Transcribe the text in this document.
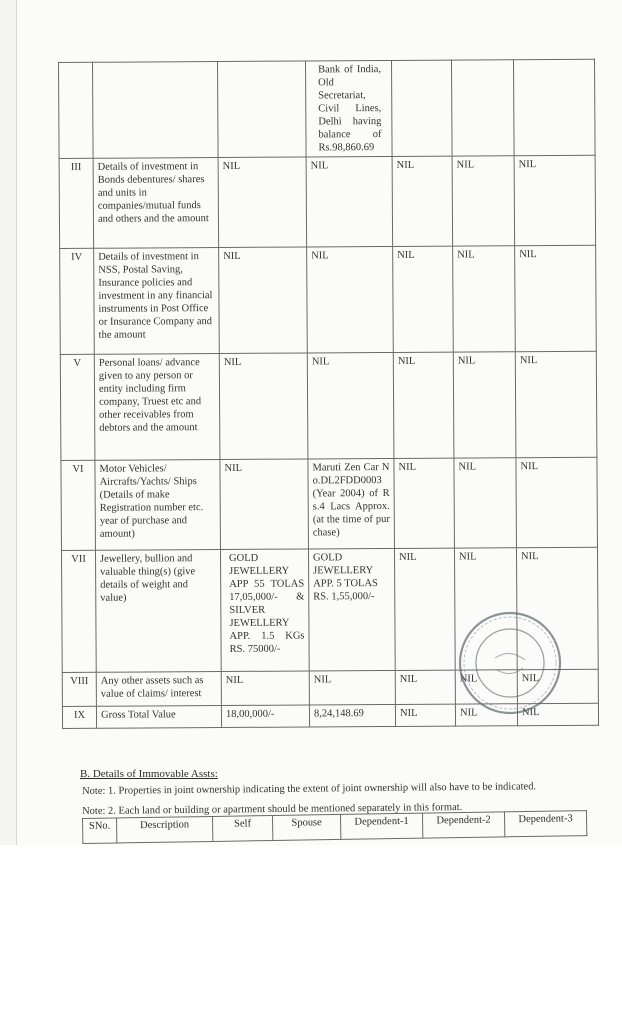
			Bank of India, Old Secretariat, Civil Lines, Delhi having balance of Rs.98,860.69			
III	Details of investment in Bonds debentures/ shares and units in companies/mutual funds and others and the amount	NIL	NIL	NIL	NIL	NIL
IV	Details of investment in NSS, Postal Saving, Insurance policies and investment in any financial instruments in Post Office or Insurance Company and the amount	NIL	NIL	NIL	NIL	NIL
V	Personal loans/ advance given to any person or entity including firm company, Truest etc and other receivables from debtors and the amount	NIL	NIL	NIL	NIL	NIL
VI	Motor Vehicles/ Aircrafts/Yachts/ Ships (Details of make Registration number etc. year of purchase and amount)	NIL	Maruti Zen Car No.DL2FDD0003 (Year 2004) of Rs.4 Lacs Approx. (at the time of purchase)	NIL	NIL	NIL
VII	Jewellery, bullion and valuable thing(s) (give details of weight and value)	GOLD JEWELLERY APP 55 TOLAS 17,05,000/- & SILVER JEWELLERY APP. 1.5 KGs RS. 75000/-	GOLD JEWELLERY APP. 5 TOLAS RS. 1,55,000/-	NIL	NIL	NIL
VIII	Any other assets such as value of claims/ interest	NIL	NIL	NIL	NIL	NIL
IX	Gross Total Value	18,00,000/-	8,24,148.69	NIL	NIL	NIL
B. Details of Immovable Assts:
Note: 1. Properties in joint ownership indicating the extent of joint ownership will also have to be indicated.
Note: 2. Each land or building or apartment should be mentioned separately in this format.
SNo.	Description	Self	Spouse	Dependent-1	Dependent-2	Dependent-3
